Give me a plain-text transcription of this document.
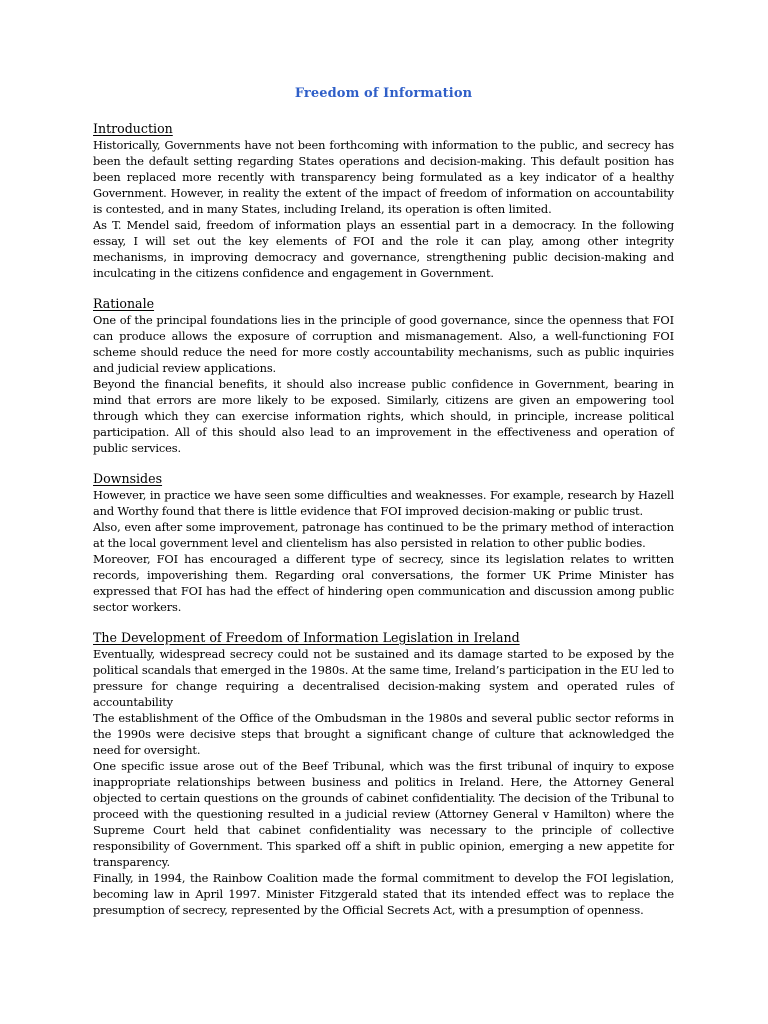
Freedom of Information
Introduction

Historically, Governments have not been forthcoming with information to the public, and secrecy has been the default setting regarding States operations and decision-making. This default position has been replaced more recently with transparency being formulated as a key indicator of a healthy Government. However, in reality the extent of the impact of freedom of information on accountability is contested, and in many States, including Ireland, its operation is often limited.

As T. Mendel said, freedom of information plays an essential part in a democracy. In the following essay, I will set out the key elements of FOI and the role it can play, among other integrity mechanisms, in improving democracy and governance, strengthening public decision-making and inculcating in the citizens confidence and engagement in Government.

Rationale

One of the principal foundations lies in the principle of good governance, since the openness that FOI can produce allows the exposure of corruption and mismanagement. Also, a well-functioning FOI scheme should reduce the need for more costly accountability mechanisms, such as public inquiries and judicial review applications.

Beyond the financial benefits, it should also increase public confidence in Government, bearing in mind that errors are more likely to be exposed. Similarly, citizens are given an empowering tool through which they can exercise information rights, which should, in principle, increase political participation. All of this should also lead to an improvement in the effectiveness and operation of public services.

Downsides

However, in practice we have seen some difficulties and weaknesses. For example, research by Hazell and Worthy found that there is little evidence that FOI improved decision-making or public trust.

Also, even after some improvement, patronage has continued to be the primary method of interaction at the local government level and clientelism has also persisted in relation to other public bodies.

Moreover, FOI has encouraged a different type of secrecy, since its legislation relates to written records, impoverishing them. Regarding oral conversations, the former UK Prime Minister has expressed that FOI has had the effect of hindering open communication and discussion among public sector workers.

The Development of Freedom of Information Legislation in Ireland

Eventually, widespread secrecy could not be sustained and its damage started to be exposed by the political scandals that emerged in the 1980s. At the same time, Ireland’s participation in the EU led to pressure for change requiring a decentralised decision-making system and operated rules of accountability

The establishment of the Office of the Ombudsman in the 1980s and several public sector reforms in the 1990s were decisive steps that brought a significant change of culture that acknowledged the need for oversight.

One specific issue arose out of the Beef Tribunal, which was the first tribunal of inquiry to expose inappropriate relationships between business and politics in Ireland. Here, the Attorney General objected to certain questions on the grounds of cabinet confidentiality. The decision of the Tribunal to proceed with the questioning resulted in a judicial review (Attorney General v Hamilton) where the Supreme Court held that cabinet confidentiality was necessary to the principle of collective responsibility of Government. This sparked off a shift in public opinion, emerging a new appetite for transparency.

Finally, in 1994, the Rainbow Coalition made the formal commitment to develop the FOI legislation, becoming law in April 1997. Minister Fitzgerald stated that its intended effect was to replace the presumption of secrecy, represented by the Official Secrets Act, with a presumption of openness.
